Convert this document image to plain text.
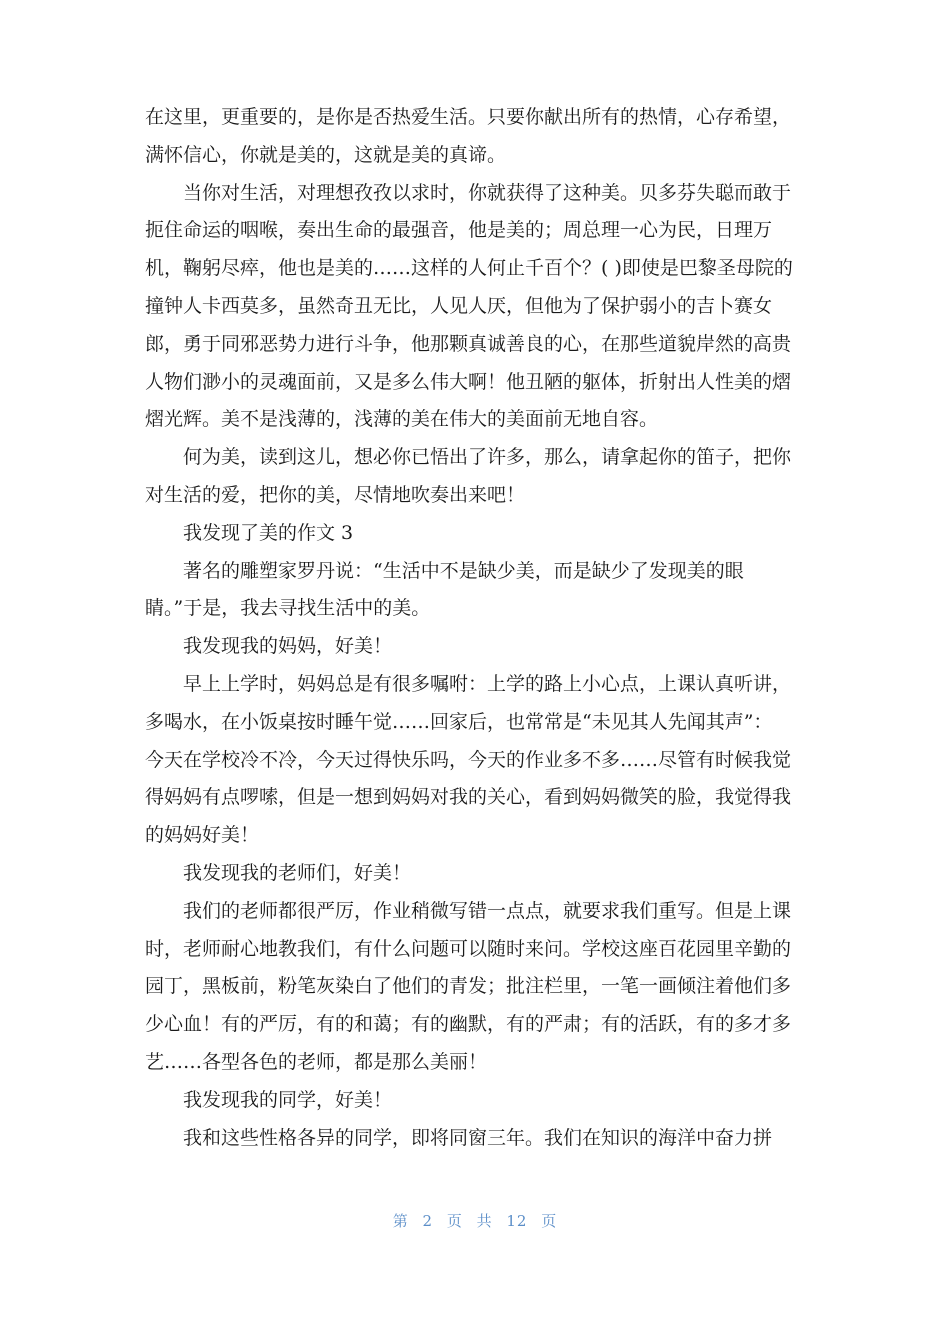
在这里，更重要的，是你是否热爱生活。只要你献出所有的热情，心存希望，
满怀信心，你就是美的，这就是美的真谛。
当你对生活，对理想孜孜以求时，你就获得了这种美。贝多芬失聪而敢于
扼住命运的咽喉，奏出生命的最强音，他是美的；周总理一心为民，日理万
机，鞠躬尽瘁，他也是美的……这样的人何止千百个？( )即使是巴黎圣母院的
撞钟人卡西莫多，虽然奇丑无比，人见人厌，但他为了保护弱小的吉卜赛女
郎，勇于同邪恶势力进行斗争，他那颗真诚善良的心，在那些道貌岸然的高贵
人物们渺小的灵魂面前，又是多么伟大啊！他丑陋的躯体，折射出人性美的熠
熠光辉。美不是浅薄的，浅薄的美在伟大的美面前无地自容。
何为美，读到这儿，想必你已悟出了许多，那么，请拿起你的笛子，把你
对生活的爱，把你的美，尽情地吹奏出来吧！
我发现了美的作文 3
著名的雕塑家罗丹说：“生活中不是缺少美，而是缺少了发现美的眼
睛。”于是，我去寻找生活中的美。
我发现我的妈妈，好美！
早上上学时，妈妈总是有很多嘱咐：上学的路上小心点，上课认真听讲，
多喝水，在小饭桌按时睡午觉……回家后，也常常是“未见其人先闻其声”：
今天在学校冷不冷，今天过得快乐吗，今天的作业多不多……尽管有时候我觉
得妈妈有点啰嗦，但是一想到妈妈对我的关心，看到妈妈微笑的脸，我觉得我
的妈妈好美！
我发现我的老师们，好美！
我们的老师都很严厉，作业稍微写错一点点，就要求我们重写。但是上课
时，老师耐心地教我们，有什么问题可以随时来问。学校这座百花园里辛勤的
园丁，黑板前，粉笔灰染白了他们的青发；批注栏里，一笔一画倾注着他们多
少心血！有的严厉，有的和蔼；有的幽默，有的严肃；有的活跃，有的多才多
艺……各型各色的老师，都是那么美丽！
我发现我的同学，好美！
我和这些性格各异的同学，即将同窗三年。我们在知识的海洋中奋力拼
第 2 页 共 12 页
